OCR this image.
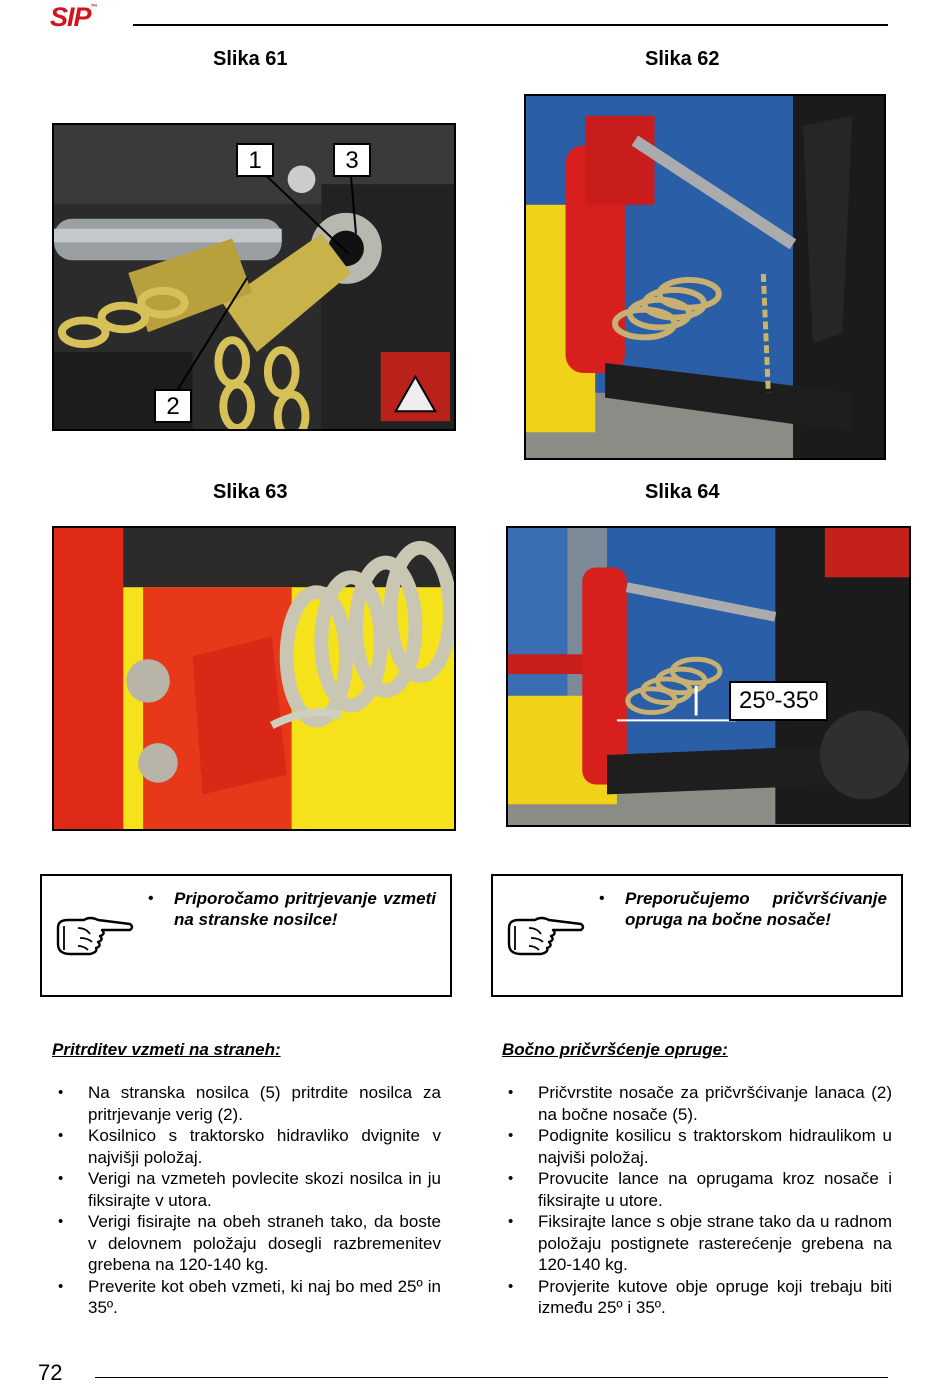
SIP™
Slika 61	Slika 62
Slika 63	Slika 64
1	3
2
25º-35º
• Priporočamo pritrjevanje vzmeti na stranske nosilce!
• Preporučujemo pričvršćivanje opruga na bočne nosače!
Pritrditev vzmeti na straneh:
• Na stranska nosilca (5) pritrdite nosilca za pritrjevanje verig (2).
• Kosilnico s traktorsko hidravliko dvignite v najvišji položaj.
• Verigi na vzmeteh povlecite skozi nosilca in ju fiksirajte v utora.
• Verigi fisirajte na obeh straneh tako, da boste v delovnem položaju dosegli razbremenitev grebena na 120-140 kg.
• Preverite kot obeh vzmeti, ki naj bo med 25º in 35º.
Bočno pričvršćenje opruge:
• Pričvrstite nosače za pričvršćivanje lanaca (2) na bočne nosače (5).
• Podignite kosilicu s traktorskom hidraulikom u najviši položaj.
• Provucite lance na oprugama kroz nosače i fiksirajte u utore.
• Fiksirajte lance s obje strane tako da u radnom položaju postignete rasterećenje grebena na 120-140 kg.
• Provjerite kutove obje opruge koji trebaju biti između 25º i 35º.
72
